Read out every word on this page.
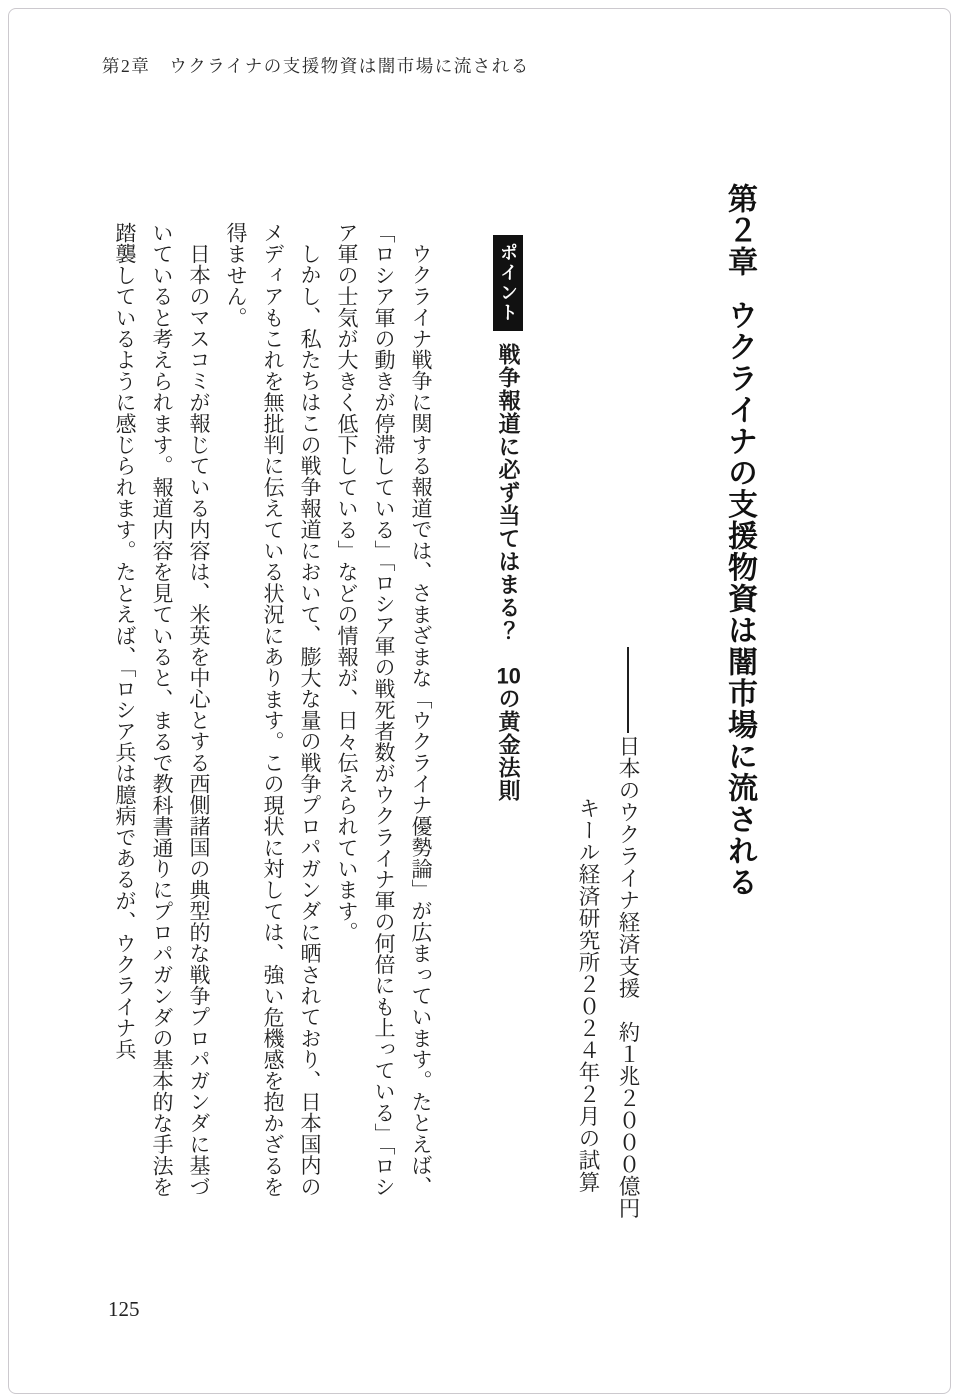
第2章　ウクライナの支援物資は闇市場に流される
第２章ウクライナの支援物資は闇市場に流される

日本のウクライナ経済支援　約１兆２０００億円

キール経済研究所２０２４年２月の試算

ポイント戦争報道に必ず当てはまる？　10の黄金法則

ウクライナ戦争に関する報道では、さまざまな「ウクライナ優勢論」が広まっています。たとえば、「ロシア軍の動きが停滞している」「ロシア軍の戦死者数がウクライナ軍の何倍にも上っている」「ロシア軍の士気が大きく低下している」などの情報が、日々伝えられています。

しかし、私たちはこの戦争報道において、膨大な量の戦争プロパガンダに晒されており、日本国内のメディアもこれを無批判に伝えている状況にあります。この現状に対しては、強い危機感を抱かざるを得ません。

日本のマスコミが報じている内容は、米英を中心とする西側諸国の典型的な戦争プロパガンダに基づいていると考えられます。報道内容を見ていると、まるで教科書通りにプロパガンダの基本的な手法を踏襲しているように感じられます。たとえば、「ロシア兵は臆病であるが、ウクライナ兵

125
